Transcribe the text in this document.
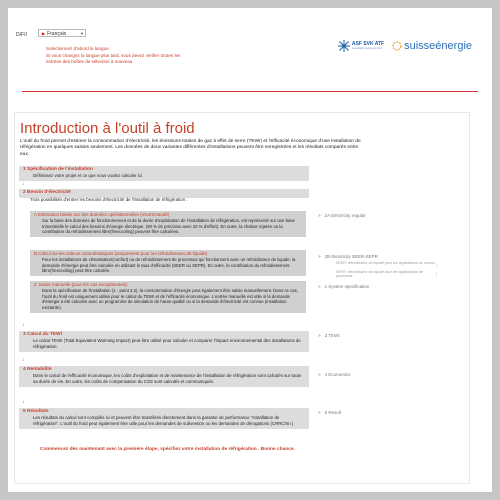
D/F/I	▶ Français	▼
Selectionnez d'abord la langue.
Si vous changez la langue plus tard, vous devez vérifier toutes les entrées des boîtes de sélection à nouveau.
ASF SVK ATF
Association suisse du froid suisseénergie
Introduction à l'outil à froid
L'outil du froid permet d'estimer la consommation d'électricité, les émissions totales de gaz à effet de serre (TEWI) et l'efficacité économique d'une installation de réfrigération en quelques saisies seulement. Les données de deux variantes différentes d'installations peuvent être enregistrées et les résultats comparés entre eux.
1 Spécification de l'installation
Définissez votre projet et ce que vous voulez calculer ici.
↓
2 Besoin d'électricité
Trois possibilités d'entrer les besoins d'électricité de l'installation de réfrigération :
A Estimation basée sur des données opérationnelles (recommandé)
Sur la base des données de fonctionnement et de la durée d'exploitation de l'installation de réfrigération, est représenté sur une base trimestrielle le calcul des besoins d'énergie électrique. (80 % de précision avec 20 % d'effort). En outre, la chaleur rejetée ou la contribution du refroidissement libre(freecooling) peuvent être calculées.
B Calcul via les valeurs caractéristiques (uniquement pour les refroidisseurs de liquide)
Pour les installations de climatisation(confort) ou de refroidissement de processus qui fonctionnent avec un refroidisseur de liquide, la demande d'énergie peut être calculée en utilisant le taux d'efficacité (SEER ou SEPR). En outre, la contribution du refroidissement libre(freecooling) peut être calculée.
C Saisie manuelle (pour les cas exceptionnels)
Dans la spécification de l'installation (1 - point 3.2), la consommation d'énergie peut également être saisie manuellement. Dans ce cas, l'outil du froid est uniquement utilisé pour le calcul du TEWI et de l'efficacité économique. L'entrée manuelle est utile si la demande d'énergie a été calculée avec un programme de simulation de haute qualité ou si la demande d'électricité est connue (installation existante).
↓
3 Calcul du TEWI
Le calcul TEWI (Total Equivalent Warming Impact) peut être utilisé pour calculer et comparer l'impact environnemental des installations de réfrigération.
↓
4 Rentabilité
Dans le calcul de l'efficacité économique, les coûts d'exploitation et de maintenance de l'installation de réfrigération sont calculés sur toute sa durée de vie. En outre, les coûts de compensation du CO2 sont calculés et communiqués.
↓
5 Résultats
Les résultats du calcul sont compilés ici et peuvent être transférés directement dans la garantie de performance "installation de réfrigération". L'outil du froid peut également être utile pour les demandes de subvention ou les demandes de dérogations (CRRC/nn )
> 2A Electricity regular
> 2B Electricity SEER-SEPR
SEER: refroidisseur de liquide pour les applications de confort
SEPR: refroidisseur de liquide pour les applications de processus
|
|
> 1 System specification
> 3 TEWI
> 4 Economics
> 5 Result
Commencez dès maintenant avec la première étape, spécifiez votre installation de réfrigération . Bonne chance.
